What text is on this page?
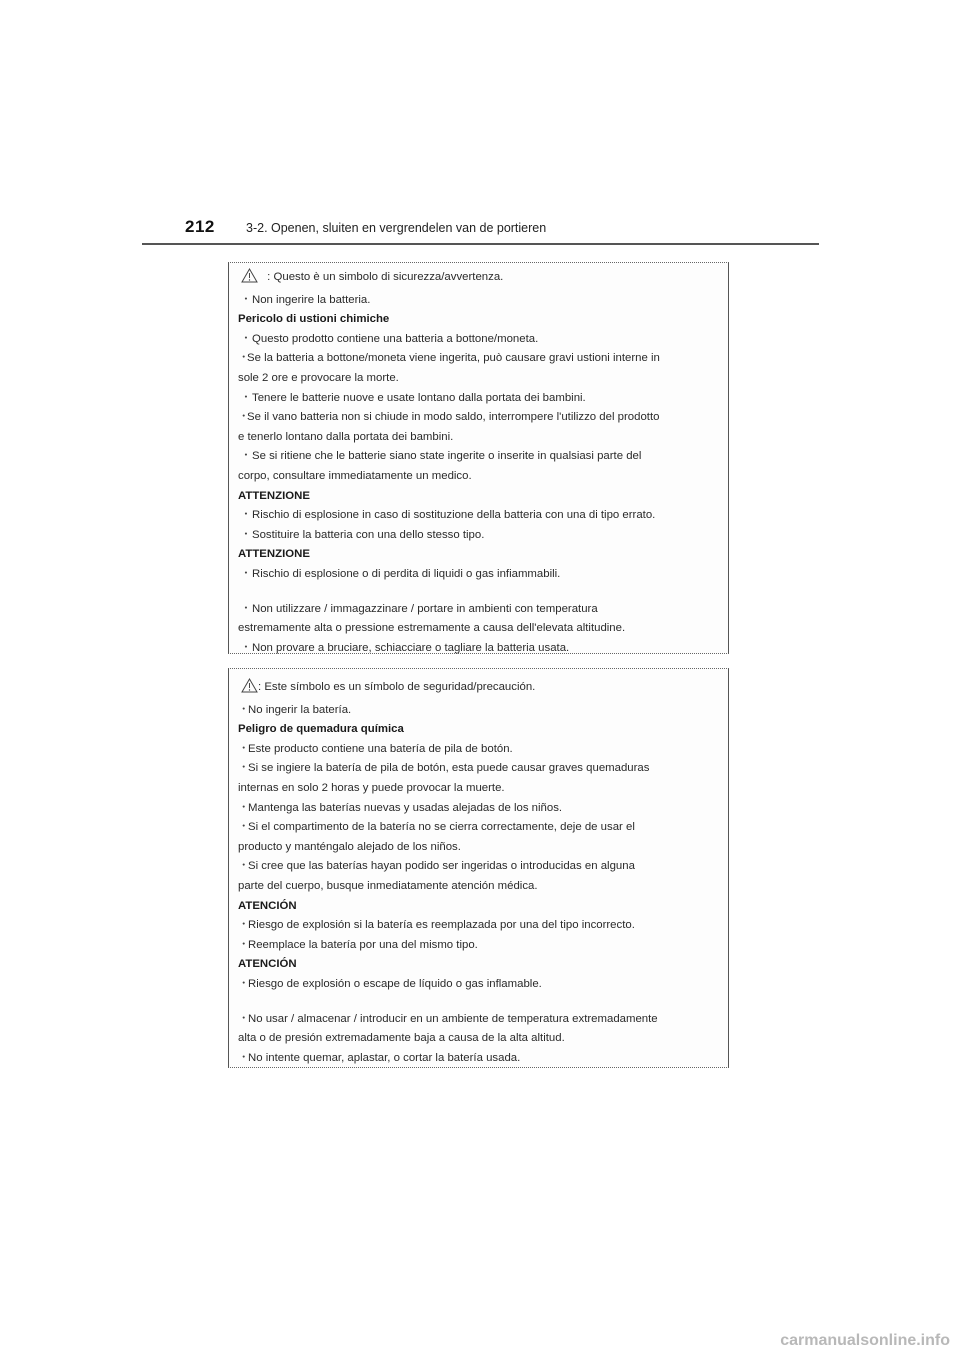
212 3-2. Openen, sluiten en vergrendelen van de portieren
: Questo è un simbolo di sicurezza/avvertenza.
・Non ingerire la batteria.
Pericolo di ustioni chimiche
・Questo prodotto contiene una batteria a bottone/moneta.
・Se la batteria a bottone/moneta viene ingerita, può causare gravi ustioni interne in
sole 2 ore e provocare la morte.
・Tenere le batterie nuove e usate lontano dalla portata dei bambini.
・Se il vano batteria non si chiude in modo saldo, interrompere l'utilizzo del prodotto
e tenerlo lontano dalla portata dei bambini.
・Se si ritiene che le batterie siano state ingerite o inserite in qualsiasi parte del
corpo, consultare immediatamente un medico.
ATTENZIONE
・Rischio di esplosione in caso di sostituzione della batteria con una di tipo errato.
・Sostituire la batteria con una dello stesso tipo.
ATTENZIONE
・Rischio di esplosione o di perdita di liquidi o gas infiammabili.
・Non utilizzare / immagazzinare / portare in ambienti con temperatura
estremamente alta o pressione estremamente a causa dell'elevata altitudine.
・Non provare a bruciare, schiacciare o tagliare la batteria usata.
: Este símbolo es un símbolo de seguridad/precaución.
・No ingerir la batería.
Peligro de quemadura química
・Este producto contiene una batería de pila de botón.
・Si se ingiere la batería de pila de botón, esta puede causar graves quemaduras
internas en solo 2 horas y puede provocar la muerte.
・Mantenga las baterías nuevas y usadas alejadas de los niños.
・Si el compartimento de la batería no se cierra correctamente, deje de usar el
producto y manténgalo alejado de los niños.
・Si cree que las baterías hayan podido ser ingeridas o introducidas en alguna
parte del cuerpo, busque inmediatamente atención médica.
ATENCIÓN
・Riesgo de explosión si la batería es reemplazada por una del tipo incorrecto.
・Reemplace la batería por una del mismo tipo.
ATENCIÓN
・Riesgo de explosión o escape de líquido o gas inflamable.
・No usar / almacenar / introducir en un ambiente de temperatura extremadamente
alta o de presión extremadamente baja a causa de la alta altitud.
・No intente quemar, aplastar, o cortar la batería usada.
carmanualsonline.info
